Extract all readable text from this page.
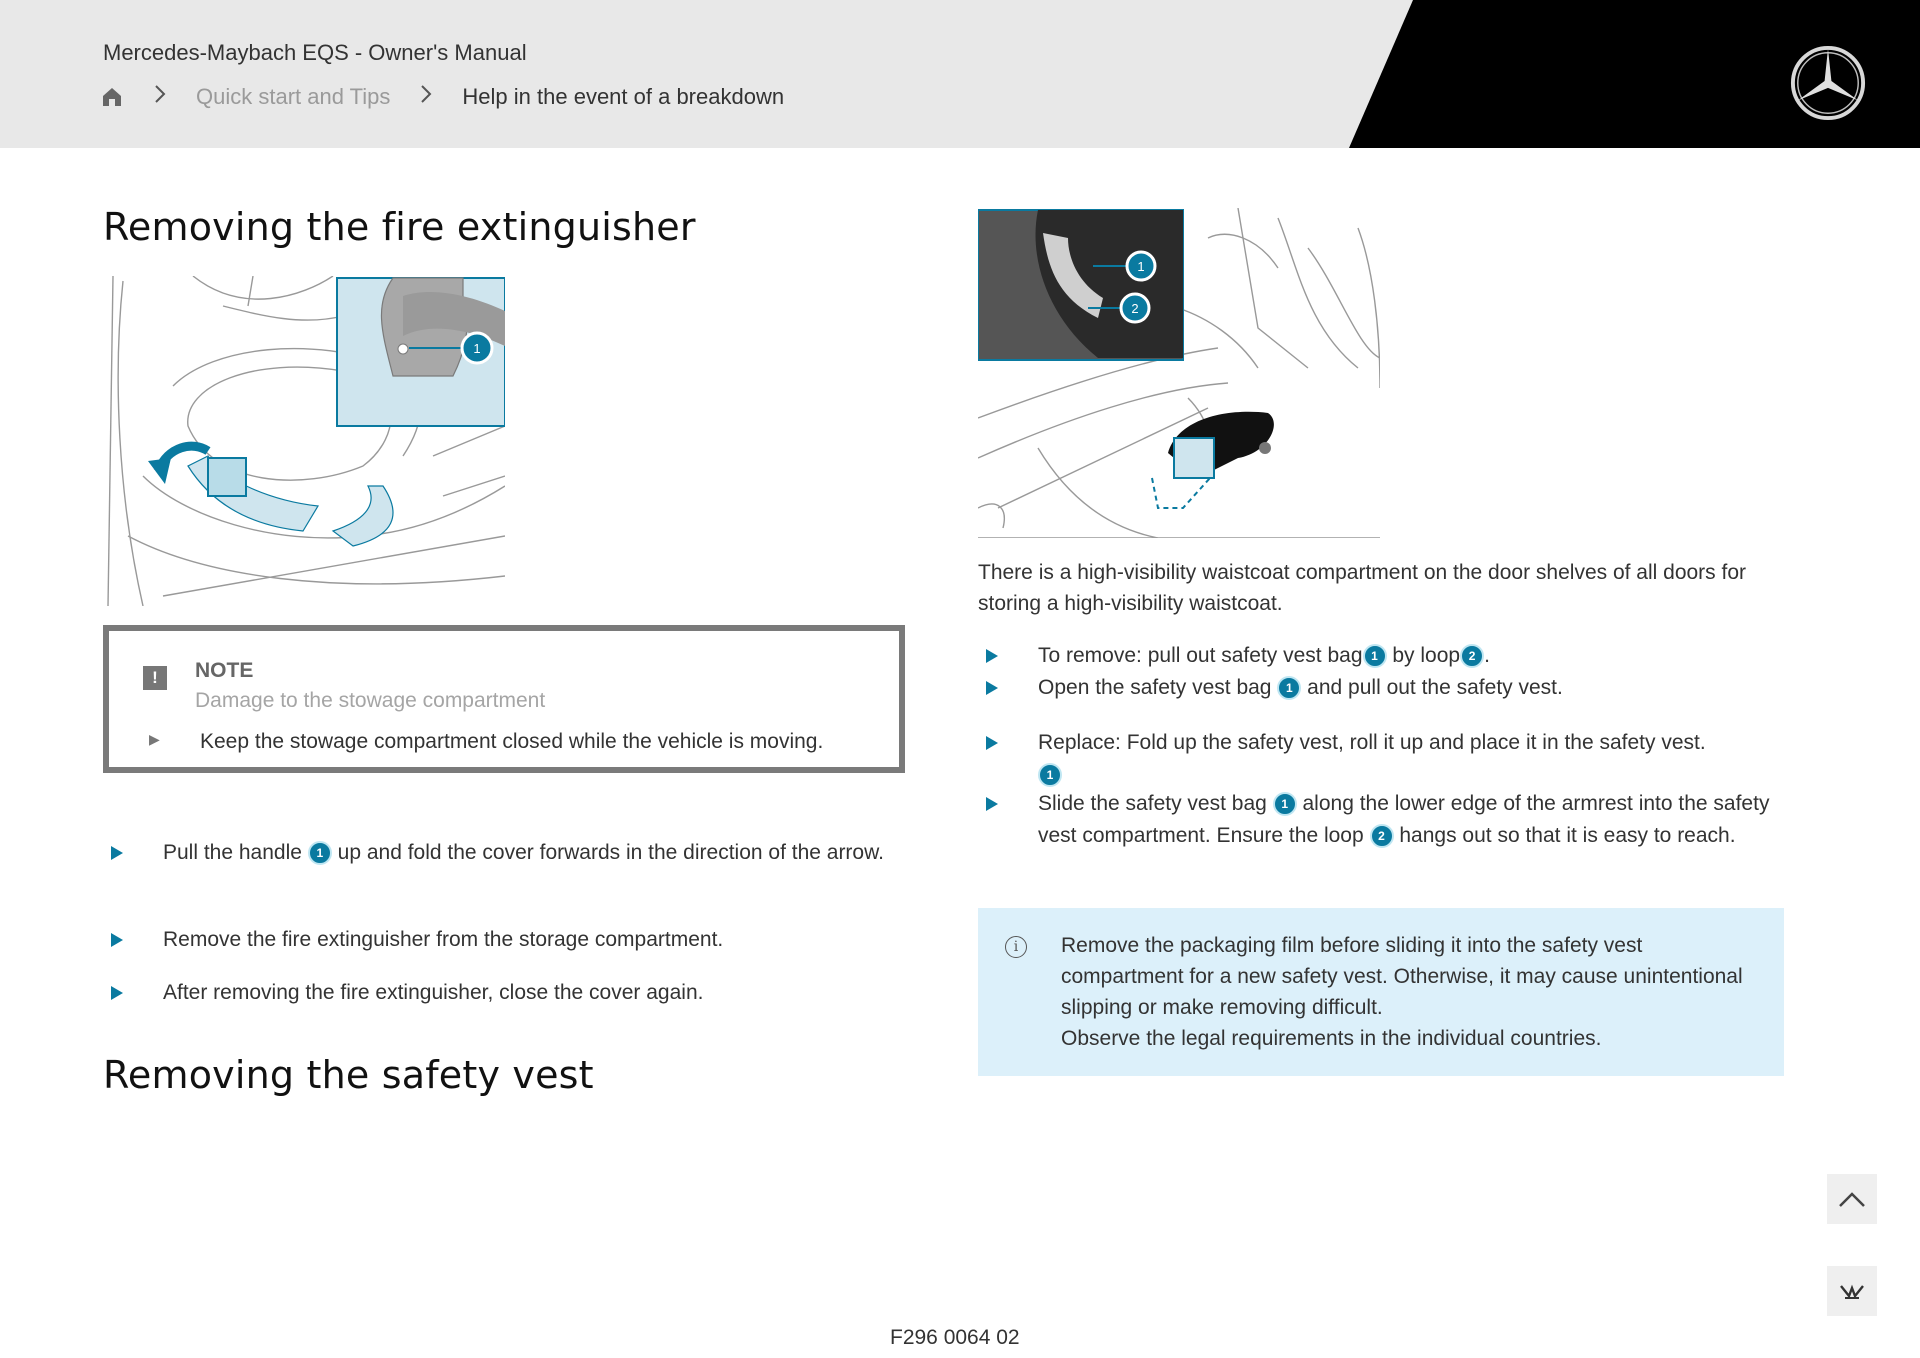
Mercedes-Maybach EQS - Owner's Manual
Quick start and Tips	Help in the event of a breakdown
Removing the fire extinguisher
1
!	NOTE
Damage to the stowage compartment
▶ Keep the stowage compartment closed while the vehicle is moving.
Pull the handle 1 up and fold the cover forwards in the direction of the arrow.
Remove the fire extinguisher from the storage compartment.
After removing the fire extinguisher, close the cover again.
Removing the safety vest
1
2
There is a high-visibility waistcoat compartment on the door shelves of all doors for storing a high-visibility waistcoat.
To remove: pull out safety vest bag 1 by loop 2 .
Open the safety vest bag 1 and pull out the safety vest.
Replace: Fold up the safety vest, roll it up and place it in the safety vest.
1
Slide the safety vest bag 1 along the lower edge of the armrest into the safety vest compartment. Ensure the loop 2 hangs out so that it is easy to reach.
i	Remove the packaging film before sliding it into the safety vest compartment for a new safety vest. Otherwise, it may cause unintentional slipping or make removing difficult.
Observe the legal requirements in the individual countries.
F296 0064 02
